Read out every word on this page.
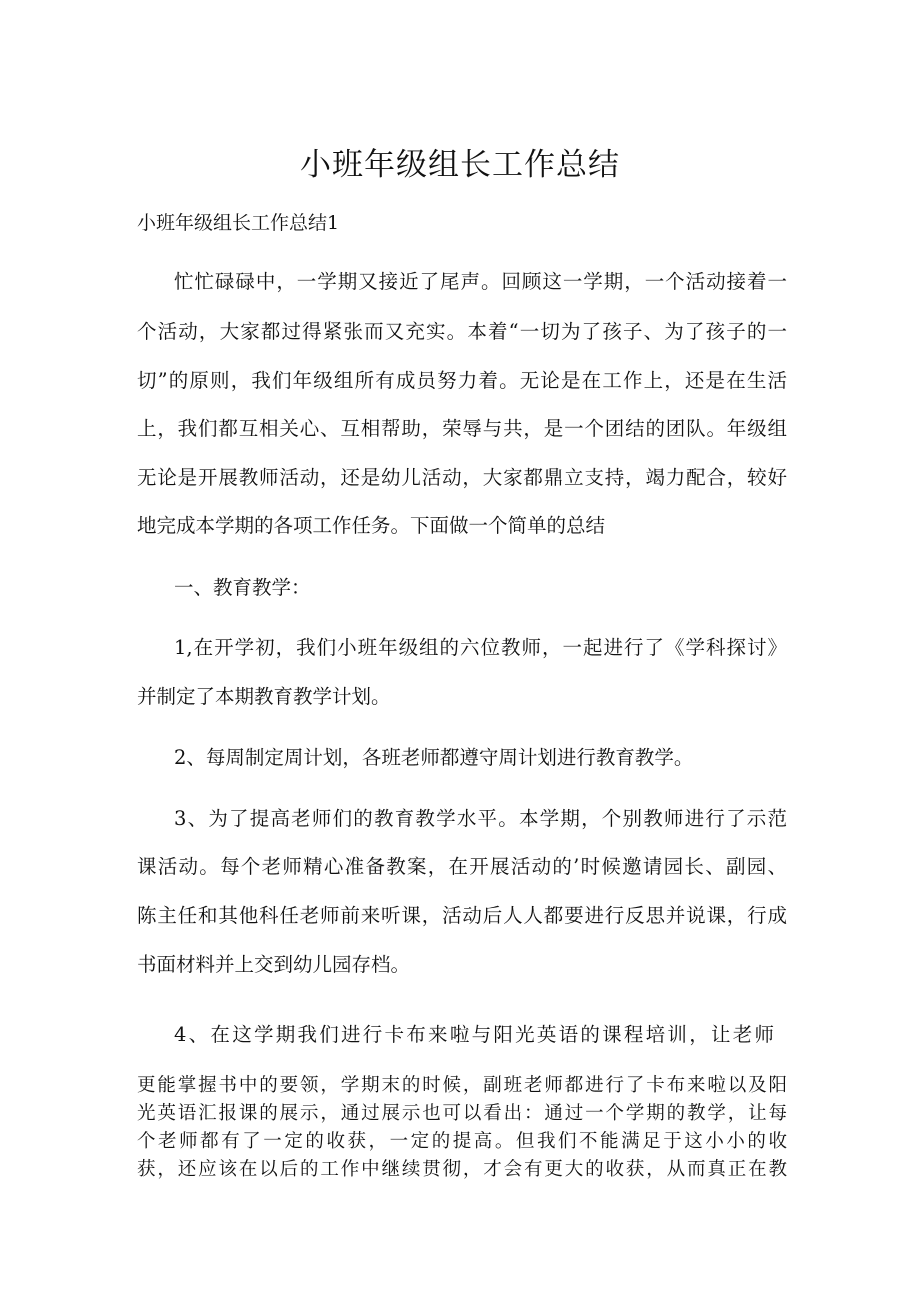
小班年级组长工作总结
小班年级组长工作总结1
忙忙碌碌中，一学期又接近了尾声。回顾这一学期，一个活动接着一
个活动，大家都过得紧张而又充实。本着“一切为了孩子、为了孩子的一
切”的原则，我们年级组所有成员努力着。无论是在工作上，还是在生活
上，我们都互相关心、互相帮助，荣辱与共，是一个团结的团队。年级组
无论是开展教师活动，还是幼儿活动，大家都鼎立支持，竭力配合，较好
地完成本学期的各项工作任务。下面做一个简单的总结
一、教育教学：
1,在开学初，我们小班年级组的六位教师，一起进行了《学科探讨》
并制定了本期教育教学计划。
2、每周制定周计划，各班老师都遵守周计划进行教育教学。
3、为了提高老师们的教育教学水平。本学期，个别教师进行了示范
课活动。每个老师精心准备教案，在开展活动的’时候邀请园长、副园、
陈主任和其他科任老师前来听课，活动后人人都要进行反思并说课，行成
书面材料并上交到幼儿园存档。
4、在这学期我们进行卡布来啦与阳光英语的课程培训，让老师
更能掌握书中的要领，学期末的时候，副班老师都进行了卡布来啦以及阳
光英语汇报课的展示，通过展示也可以看出：通过一个学期的教学，让每
个老师都有了一定的收获，一定的提高。但我们不能满足于这小小的收
获，还应该在以后的工作中继续贯彻，才会有更大的收获，从而真正在教
